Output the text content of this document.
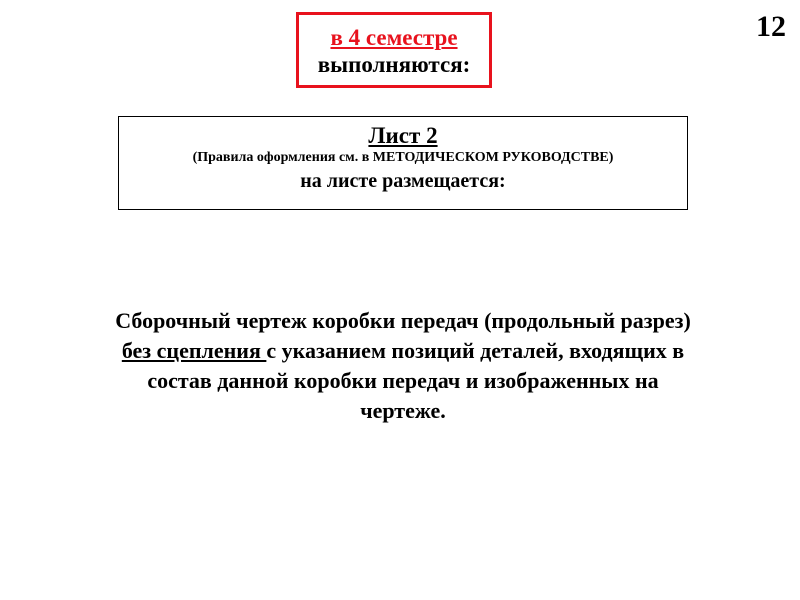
12
в 4 семестре
выполняются:
Лист 2
(Правила оформления см. в МЕТОДИЧЕСКОМ РУКОВОДСТВЕ)
на листе размещается:
Сборочный чертеж коробки передач (продольный разрез)
без сцепления с указанием позиций деталей, входящих в
состав данной коробки передач и изображенных на
чертеже.
